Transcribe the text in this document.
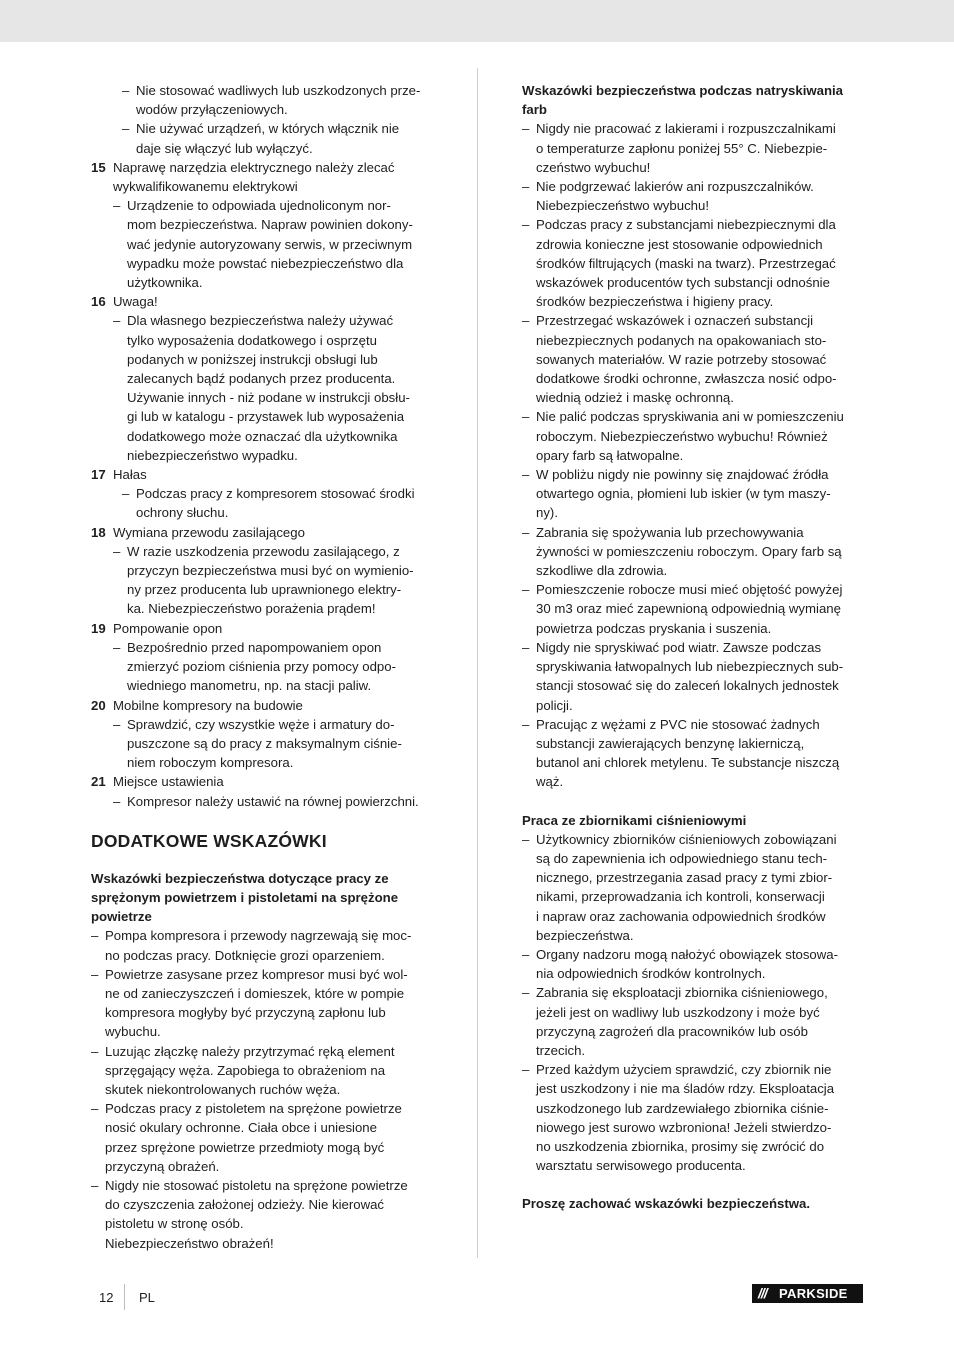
– Nie stosować wadliwych lub uszkodzonych prze-
wodów przyłączeniowych.
– Nie używać urządzeń, w których włącznik nie
daje się włączyć lub wyłączyć.
15 Naprawę narzędzia elektrycznego należy zlecać
wykwalifikowanemu elektrykowi
– Urządzenie to odpowiada ujednoliconym nor-
mom bezpieczeństwa. Napraw powinien dokony-
wać jedynie autoryzowany serwis, w przeciwnym
wypadku może powstać niebezpieczeństwo dla
użytkownika.
16 Uwaga!
– Dla własnego bezpieczeństwa należy używać
tylko wyposażenia dodatkowego i osprzętu
podanych w poniższej instrukcji obsługi lub
zalecanych bądź podanych przez producenta.
Używanie innych - niż podane w instrukcji obsłu-
gi lub w katalogu - przystawek lub wyposażenia
dodatkowego może oznaczać dla użytkownika
niebezpieczeństwo wypadku.
17 Hałas
– Podczas pracy z kompresorem stosować środki
ochrony słuchu.
18 Wymiana przewodu zasilającego
– W razie uszkodzenia przewodu zasilającego, z
przyczyn bezpieczeństwa musi być on wymienio-
ny przez producenta lub uprawnionego elektry-
ka. Niebezpieczeństwo porażenia prądem!
19 Pompowanie opon
– Bezpośrednio przed napompowaniem opon
zmierzyć poziom ciśnienia przy pomocy odpo-
wiedniego manometru, np. na stacji paliw.
20 Mobilne kompresory na budowie
– Sprawdzić, czy wszystkie węże i armatury do-
puszczone są do pracy z maksymalnym ciśnie-
niem roboczym kompresora.
21 Miejsce ustawienia
– Kompresor należy ustawić na równej powierzchni.
DODATKOWE WSKAZÓWKI
Wskazówki bezpieczeństwa dotyczące pracy ze
sprężonym powietrzem i pistoletami na sprężone
powietrze
– Pompa kompresora i przewody nagrzewają się moc-
no podczas pracy. Dotknięcie grozi oparzeniem.
– Powietrze zasysane przez kompresor musi być wol-
ne od zanieczyszczeń i domieszek, które w pompie
kompresora mogłyby być przyczyną zapłonu lub
wybuchu.
– Luzując złączkę należy przytrzymać ręką element
sprzęgający węża. Zapobiega to obrażeniom na
skutek niekontrolowanych ruchów węża.
– Podczas pracy z pistoletem na sprężone powietrze
nosić okulary ochronne. Ciała obce i uniesione
przez sprężone powietrze przedmioty mogą być
przyczyną obrażeń.
– Nigdy nie stosować pistoletu na sprężone powietrze
do czyszczenia założonej odzieży. Nie kierować
pistoletu w stronę osób.
Niebezpieczeństwo obrażeń!
Wskazówki bezpieczeństwa podczas natryskiwania
farb
– Nigdy nie pracować z lakierami i rozpuszczalnikami
o temperaturze zapłonu poniżej 55° C. Niebezpie-
czeństwo wybuchu!
– Nie podgrzewać lakierów ani rozpuszczalników.
Niebezpieczeństwo wybuchu!
– Podczas pracy z substancjami niebezpiecznymi dla
zdrowia konieczne jest stosowanie odpowiednich
środków filtrujących (maski na twarz). Przestrzegać
wskazówek producentów tych substancji odnośnie
środków bezpieczeństwa i higieny pracy.
– Przestrzegać wskazówek i oznaczeń substancji
niebezpiecznych podanych na opakowaniach sto-
sowanych materiałów. W razie potrzeby stosować
dodatkowe środki ochronne, zwłaszcza nosić odpo-
wiednią odzież i maskę ochronną.
– Nie palić podczas spryskiwania ani w pomieszczeniu
roboczym. Niebezpieczeństwo wybuchu! Również
opary farb są łatwopalne.
– W pobliżu nigdy nie powinny się znajdować źródła
otwartego ognia, płomieni lub iskier (w tym maszy-
ny).
– Zabrania się spożywania lub przechowywania
żywności w pomieszczeniu roboczym. Opary farb są
szkodliwe dla zdrowia.
– Pomieszczenie robocze musi mieć objętość powyżej
30 m3 oraz mieć zapewnioną odpowiednią wymianę
powietrza podczas pryskania i suszenia.
– Nigdy nie spryskiwać pod wiatr. Zawsze podczas
spryskiwania łatwopalnych lub niebezpiecznych sub-
stancji stosować się do zaleceń lokalnych jednostek
policji.
– Pracując z wężami z PVC nie stosować żadnych
substancji zawierających benzynę lakierniczą,
butanol ani chlorek metylenu. Te substancje niszczą
wąż.
Praca ze zbiornikami ciśnieniowymi
– Użytkownicy zbiorników ciśnieniowych zobowiązani
są do zapewnienia ich odpowiedniego stanu tech-
nicznego, przestrzegania zasad pracy z tymi zbior-
nikami, przeprowadzania ich kontroli, konserwacji
i napraw oraz zachowania odpowiednich środków
bezpieczeństwa.
– Organy nadzoru mogą nałożyć obowiązek stosowa-
nia odpowiednich środków kontrolnych.
– Zabrania się eksploatacji zbiornika ciśnieniowego,
jeżeli jest on wadliwy lub uszkodzony i może być
przyczyną zagrożeń dla pracowników lub osób
trzecich.
– Przed każdym użyciem sprawdzić, czy zbiornik nie
jest uszkodzony i nie ma śladów rdzy. Eksploatacja
uszkodzonego lub zardzewiałego zbiornika ciśnie-
niowego jest surowo wzbroniona! Jeżeli stwierdzo-
no uszkodzenia zbiornika, prosimy się zwrócić do
warsztatu serwisowego producenta.
Proszę zachować wskazówki bezpieczeństwa.
12 PL	/// PARKSIDE
